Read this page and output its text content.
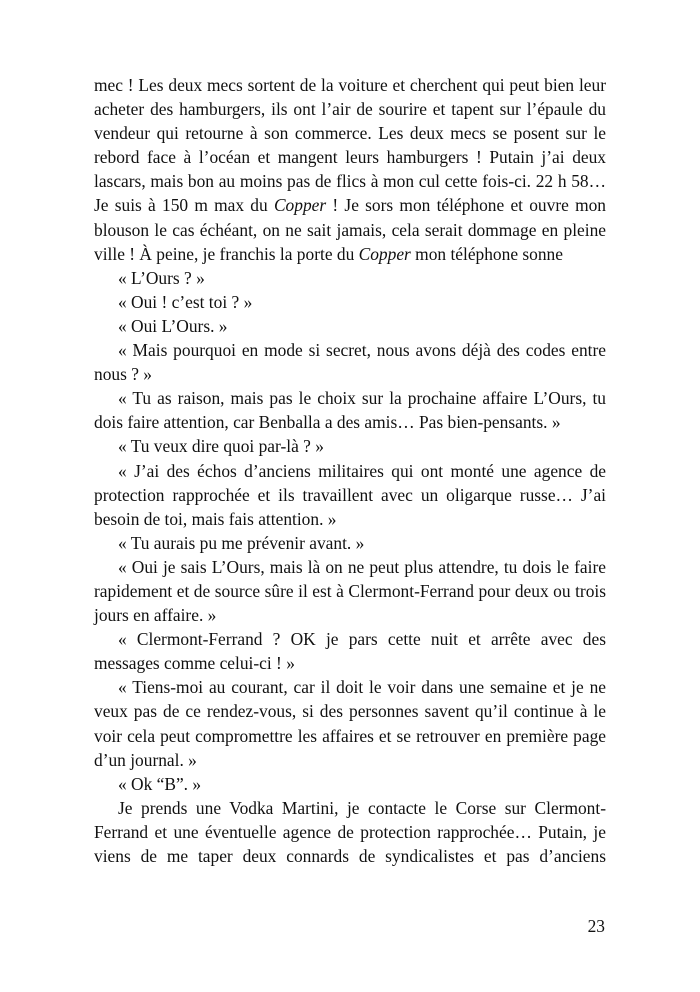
mec ! Les deux mecs sortent de la voiture et cherchent qui peut bien leur acheter des hamburgers, ils ont l’air de sourire et tapent sur l’épaule du vendeur qui retourne à son commerce. Les deux mecs se posent sur le rebord face à l’océan et mangent leurs hamburgers ! Putain j’ai deux lascars, mais bon au moins pas de flics à mon cul cette fois-ci. 22 h 58… Je suis à 150 m max du Copper ! Je sors mon téléphone et ouvre mon blouson le cas échéant, on ne sait jamais, cela serait dommage en pleine ville ! À peine, je franchis la porte du Copper mon téléphone sonne

« L’Ours ? »

« Oui ! c’est toi ? »

« Oui L’Ours. »

« Mais pourquoi en mode si secret, nous avons déjà des codes entre nous ? »

« Tu as raison, mais pas le choix sur la prochaine affaire L’Ours, tu dois faire attention, car Benballa a des amis… Pas bien-pensants. »

« Tu veux dire quoi par-là ? »

« J’ai des échos d’anciens militaires qui ont monté une agence de protection rapprochée et ils travaillent avec un oligarque russe… J’ai besoin de toi, mais fais attention. »

« Tu aurais pu me prévenir avant. »

« Oui je sais L’Ours, mais là on ne peut plus attendre, tu dois le faire rapidement et de source sûre il est à Clermont-Ferrand pour deux ou trois jours en affaire. »

« Clermont-Ferrand ? OK je pars cette nuit et arrête avec des messages comme celui-ci ! »

« Tiens-moi au courant, car il doit le voir dans une semaine et je ne veux pas de ce rendez-vous, si des personnes savent qu’il continue à le voir cela peut compromettre les affaires et se retrouver en première page d’un journal. »

« Ok “B”. »

Je prends une Vodka Martini, je contacte le Corse sur Clermont-Ferrand et une éventuelle agence de protection rapprochée… Putain, je viens de me taper deux connards de syndicalistes et pas d’anciens

23
